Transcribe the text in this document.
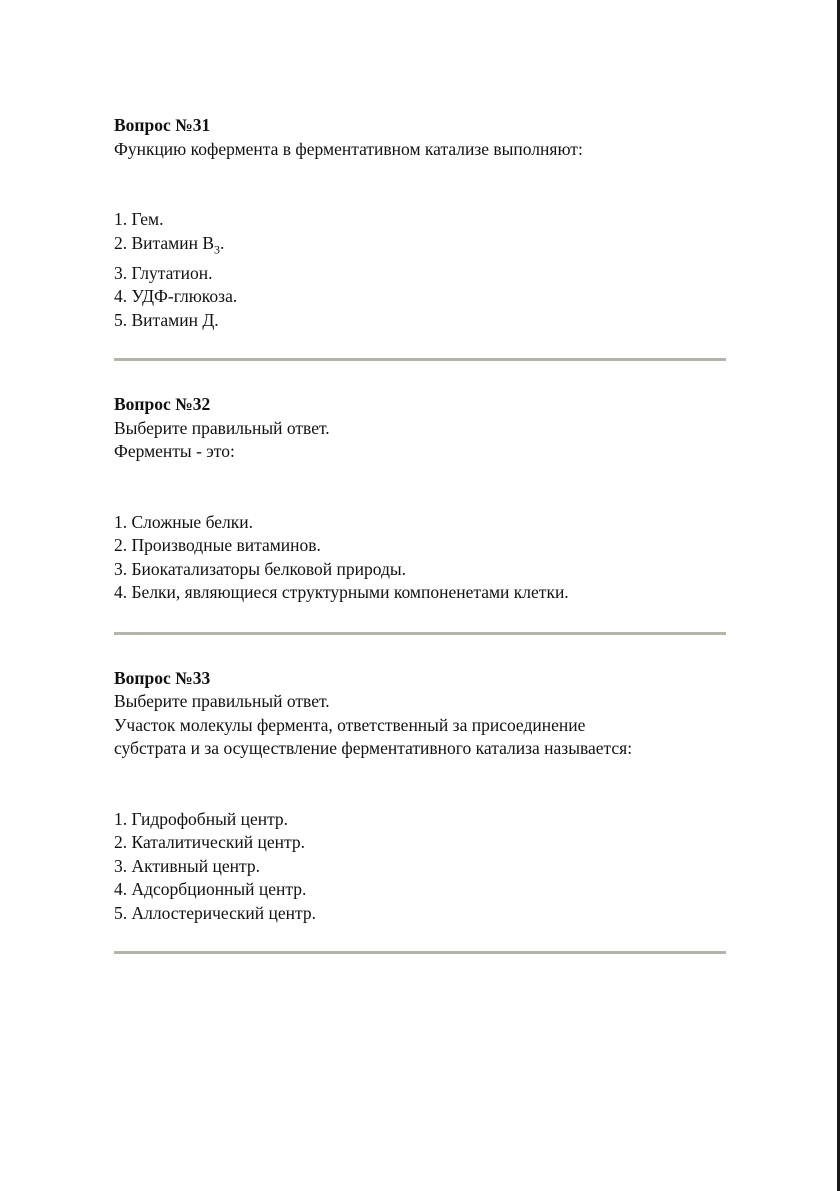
Вопрос №31

Функцию кофермента в ферментативном катализе выполняют:

1. Гем.

2. Витамин $В_3$.

3. Глутатион.

4. УДФ-глюкоза.

5. Витамин Д.

Вопрос №32

Выберите правильный ответ.

Ферменты - это:

1. Сложные белки.

2. Производные витаминов.

3. Биокатализаторы белковой природы.

4. Белки, являющиеся структурными компоненетами клетки.

Вопрос №33

Выберите правильный ответ.

Участок молекулы фермента, ответственный за присоединение

субстрата и за осуществление ферментативного катализа называется:

1. Гидрофобный центр.

2. Каталитический центр.

3. Активный центр.

4. Адсорбционный центр.

5. Аллостерический центр.
